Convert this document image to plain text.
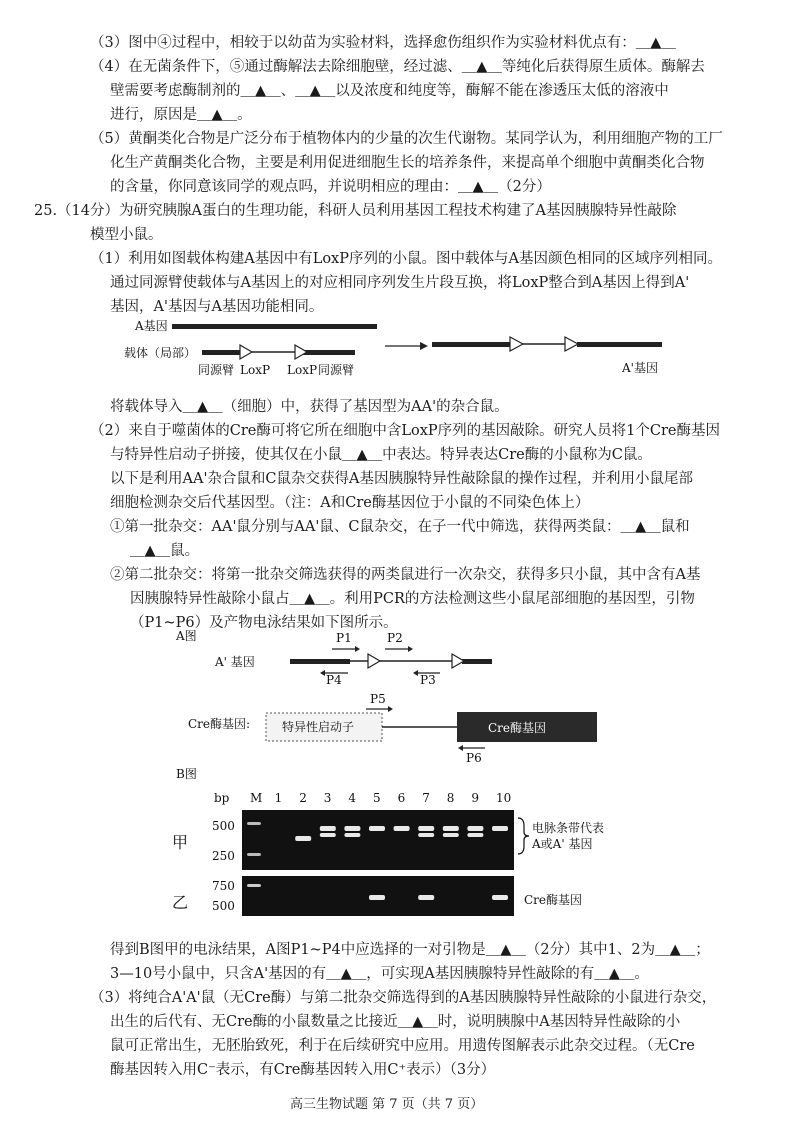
（3）图中④过程中，相较于以幼苗为实验材料，选择愈伤组织作为实验材料优点有：＿▲＿
（4）在无菌条件下，⑤通过酶解法去除细胞壁，经过滤、＿▲＿等纯化后获得原生质体。酶解去
壁需要考虑酶制剂的＿▲＿、＿▲＿以及浓度和纯度等，酶解不能在渗透压太低的溶液中
进行，原因是＿▲＿。
（5）黄酮类化合物是广泛分布于植物体内的少量的次生代谢物。某同学认为，利用细胞产物的工厂
化生产黄酮类化合物，主要是利用促进细胞生长的培养条件，来提高单个细胞中黄酮类化合物
的含量，你同意该同学的观点吗，并说明相应的理由：＿▲＿（2分）
25.（14分）为研究胰腺A蛋白的生理功能，科研人员利用基因工程技术构建了A基因胰腺特异性敲除
模型小鼠。
（1）利用如图载体构建A基因中有LoxP序列的小鼠。图中载体与A基因颜色相同的区域序列相同。
通过同源臂使载体与A基因上的对应相同序列发生片段互换，将LoxP整合到A基因上得到A'
基因，A'基因与A基因功能相同。
将载体导入＿▲＿（细胞）中，获得了基因型为AA'的杂合鼠。
（2）来自于噬菌体的Cre酶可将它所在细胞中含LoxP序列的基因敲除。研究人员将1个Cre酶基因
与特异性启动子拼接，使其仅在小鼠＿▲＿中表达。特异表达Cre酶的小鼠称为C鼠。
以下是利用AA'杂合鼠和C鼠杂交获得A基因胰腺特异性敲除鼠的操作过程，并利用小鼠尾部
细胞检测杂交后代基因型。（注：A和Cre酶基因位于小鼠的不同染色体上）
①第一批杂交：AA'鼠分别与AA'鼠、C鼠杂交，在子一代中筛选，获得两类鼠：＿▲＿鼠和
＿▲＿鼠。
②第二批杂交：将第一批杂交筛选获得的两类鼠进行一次杂交，获得多只小鼠，其中含有A基
因胰腺特异性敲除小鼠占＿▲＿。利用PCR的方法检测这些小鼠尾部细胞的基因型，引物
（P1~P6）及产物电泳结果如下图所示。
得到B图甲的电泳结果，A图P1~P4中应选择的一对引物是＿▲＿（2分）其中1、2为＿▲＿；
3—10号小鼠中，只含A'基因的有＿▲＿，可实现A基因胰腺特异性敲除的有＿▲＿。
（3）将纯合A'A'鼠（无Cre酶）与第二批杂交筛选得到的A基因胰腺特异性敲除的小鼠进行杂交，
出生的后代有、无Cre酶的小鼠数量之比接近＿▲＿时，说明胰腺中A基因特异性敲除的小
鼠可正常出生，无胚胎致死，利于在后续研究中应用。用遗传图解表示此杂交过程。（无Cre
酶基因转入用C⁻表示，有Cre酶基因转入用C⁺表示）（3分）
高三生物试题 第 7 页（共 7 页）
A基因
载体（局部）
同源臂 LoxP LoxP 同源臂	A'基因
A图
A' 基因
P1	P2
P3
P4
Cre酶基因:	特异性启动子	Cre酶基因
P5
P6
B图
bp M 1 2 3 4 5 6 7 8 9 10
甲
500
250
电脉条带代表
A或A' 基因
乙
750
500	Cre酶基因
